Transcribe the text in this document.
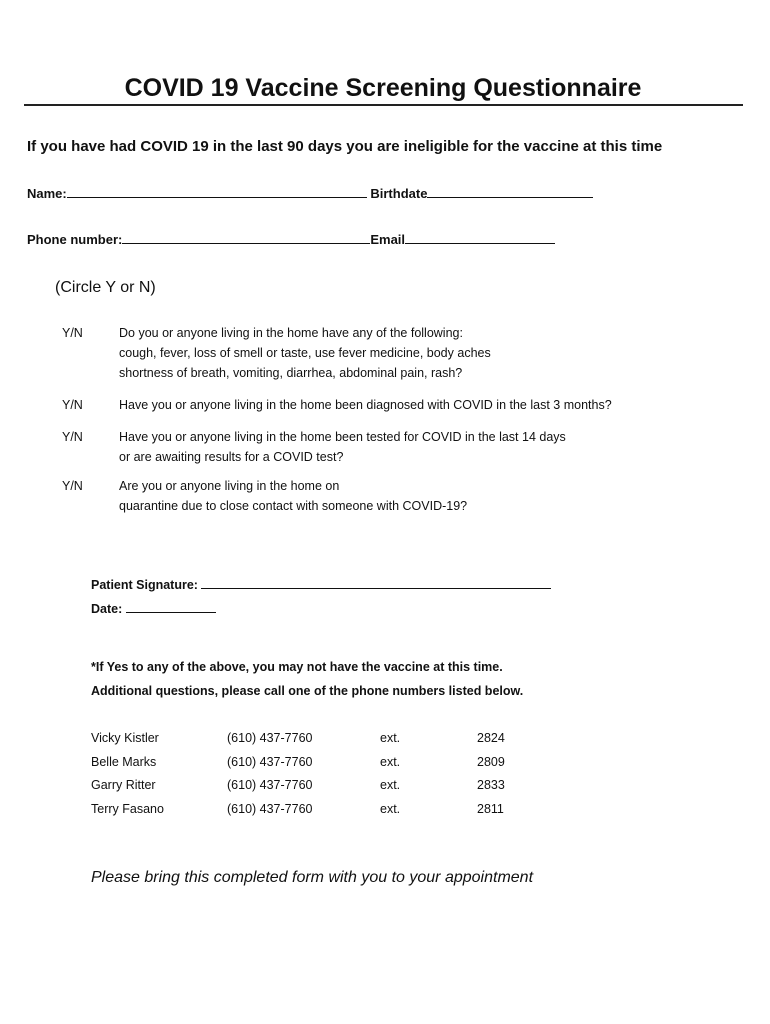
COVID 19 Vaccine Screening Questionnaire
If you have had COVID 19 in the last 90 days you are ineligible for the vaccine at this time
Name:	Birthdate
Phone number:	Email
(Circle Y or N)
Y/N	Do you or anyone living in the home have any of the following:
cough, fever, loss of smell or taste, use fever medicine, body aches
shortness of breath, vomiting, diarrhea, abdominal pain, rash?
Y/N	Have you or anyone living in the home been diagnosed with COVID in the last 3 months?
Y/N	Have you or anyone living in the home been tested for COVID in the last 14 days
or are awaiting results for a COVID test?
Y/N	Are you or anyone living in the home on
quarantine due to close contact with someone with COVID-19?
Patient Signature:
Date:
*If Yes to any of the above, you may not have the vaccine at this time.
Additional questions, please call one of the phone numbers listed below.
Vicky Kistler	(610) 437-7760	ext.	2824
Belle Marks	(610) 437-7760	ext.	2809
Garry Ritter	(610) 437-7760	ext.	2833
Terry Fasano	(610) 437-7760	ext.	2811
Please bring this completed form with you to your appointment
